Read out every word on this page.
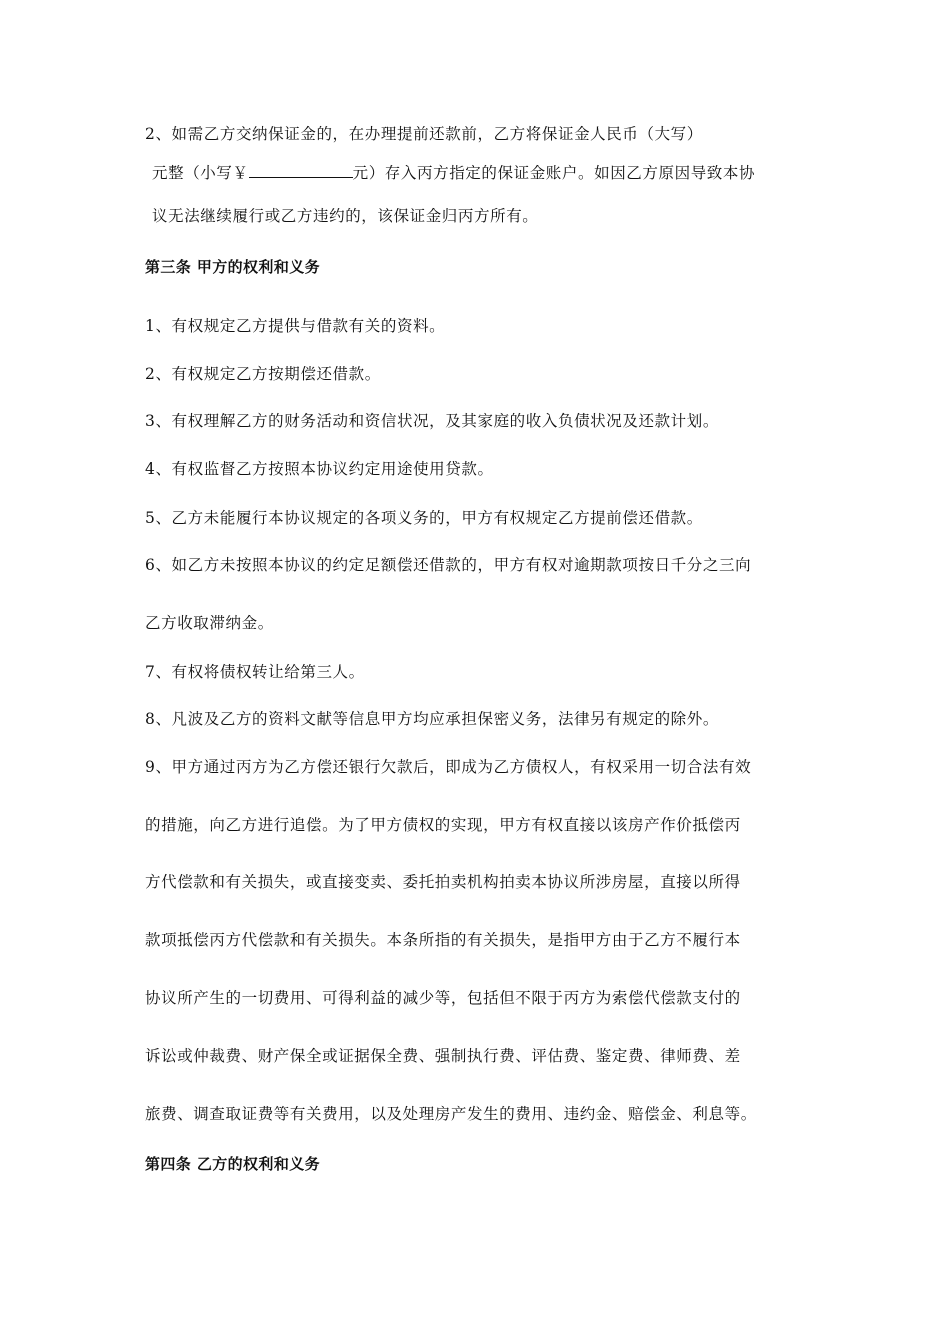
2、如需乙方交纳保证金的，在办理提前还款前，乙方将保证金人民币（大写）
元整（小写￥	元）存入丙方指定的保证金账户。如因乙方原因导致本协
议无法继续履行或乙方违约的，该保证金归丙方所有。
第三条 甲方的权利和义务
1、有权规定乙方提供与借款有关的资料。
2、有权规定乙方按期偿还借款。
3、有权理解乙方的财务活动和资信状况，及其家庭的收入负债状况及还款计划。
4、有权监督乙方按照本协议约定用途使用贷款。
5、乙方未能履行本协议规定的各项义务的，甲方有权规定乙方提前偿还借款。
6、如乙方未按照本协议的约定足额偿还借款的，甲方有权对逾期款项按日千分之三向
乙方收取滞纳金。
7、有权将债权转让给第三人。
8、凡波及乙方的资料文献等信息甲方均应承担保密义务，法律另有规定的除外。
9、甲方通过丙方为乙方偿还银行欠款后，即成为乙方债权人，有权采用一切合法有效
的措施，向乙方进行追偿。为了甲方债权的实现，甲方有权直接以该房产作价抵偿丙
方代偿款和有关损失，或直接变卖、委托拍卖机构拍卖本协议所涉房屋，直接以所得
款项抵偿丙方代偿款和有关损失。本条所指的有关损失，是指甲方由于乙方不履行本
协议所产生的一切费用、可得利益的减少等，包括但不限于丙方为索偿代偿款支付的
诉讼或仲裁费、财产保全或证据保全费、强制执行费、评估费、鉴定费、律师费、差
旅费、调查取证费等有关费用，以及处理房产发生的费用、违约金、赔偿金、利息等。
第四条 乙方的权利和义务
